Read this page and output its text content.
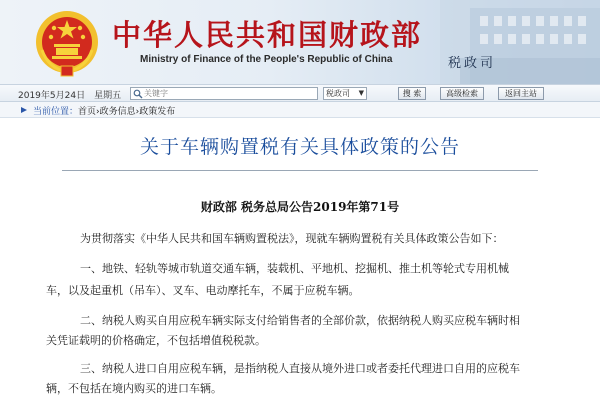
中华人民共和国财政部
Ministry of Finance of the People's Republic of China	税政司
2019年5月24日　星期五
关键字	税政司 ▼	搜 索	高级检索	返回主站
当前位置：首页›政务信息›政策发布
关于车辆购置税有关具体政策的公告
财政部 税务总局公告2019年第71号
为贯彻落实《中华人民共和国车辆购置税法》，现就车辆购置税有关具体政策公告如下：
一、地铁、轻轨等城市轨道交通车辆，装载机、平地机、挖掘机、推土机等轮式专用机械
车，以及起重机（吊车）、叉车、电动摩托车，不属于应税车辆。
二、纳税人购买自用应税车辆实际支付给销售者的全部价款，依据纳税人购买应税车辆时相
关凭证载明的价格确定，不包括增值税税款。
三、纳税人进口自用应税车辆，是指纳税人直接从境外进口或者委托代理进口自用的应税车
辆，不包括在境内购买的进口车辆。
